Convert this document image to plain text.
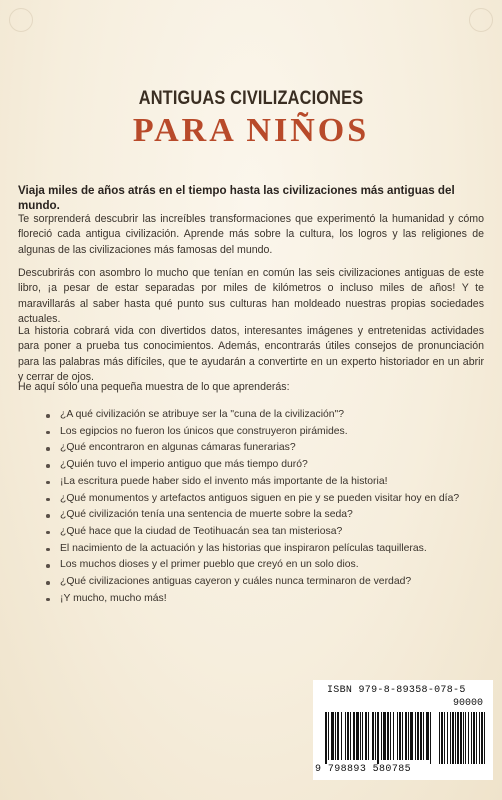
ANTIGUAS CIVILIZACIONES
PARA NIÑOS
Viaja miles de años atrás en el tiempo hasta las civilizaciones más antiguas del mundo.
Te sorprenderá descubrir las increíbles transformaciones que experimentó la humanidad y cómo floreció cada antigua civilización. Aprende más sobre la cultura, los logros y las religiones de algunas de las civilizaciones más famosas del mundo.
Descubrirás con asombro lo mucho que tenían en común las seis civilizaciones antiguas de este libro, ¡a pesar de estar separadas por miles de kilómetros o incluso miles de años! Y te maravillarás al saber hasta qué punto sus culturas han moldeado nuestras propias sociedades actuales.
La historia cobrará vida con divertidos datos, interesantes imágenes y entretenidas actividades para poner a prueba tus conocimientos. Además, encontrarás útiles consejos de pronunciación para las palabras más difíciles, que te ayudarán a convertirte en un experto historiador en un abrir y cerrar de ojos.
He aquí sólo una pequeña muestra de lo que aprenderás:
¿A qué civilización se atribuye ser la "cuna de la civilización"?
Los egipcios no fueron los únicos que construyeron pirámides.
¿Qué encontraron en algunas cámaras funerarias?
¿Quién tuvo el imperio antiguo que más tiempo duró?
¡La escritura puede haber sido el invento más importante de la historia!
¿Qué monumentos y artefactos antiguos siguen en pie y se pueden visitar hoy en día?
¿Qué civilización tenía una sentencia de muerte sobre la seda?
¿Qué hace que la ciudad de Teotihuacán sea tan misteriosa?
El nacimiento de la actuación y las historias que inspiraron películas taquilleras.
Los muchos dioses y el primer pueblo que creyó en un solo dios.
¿Qué civilizaciones antiguas cayeron y cuáles nunca terminaron de verdad?
¡Y mucho, mucho más!
ISBN 979-8-89358-078-5
90000
9 798893 580785
